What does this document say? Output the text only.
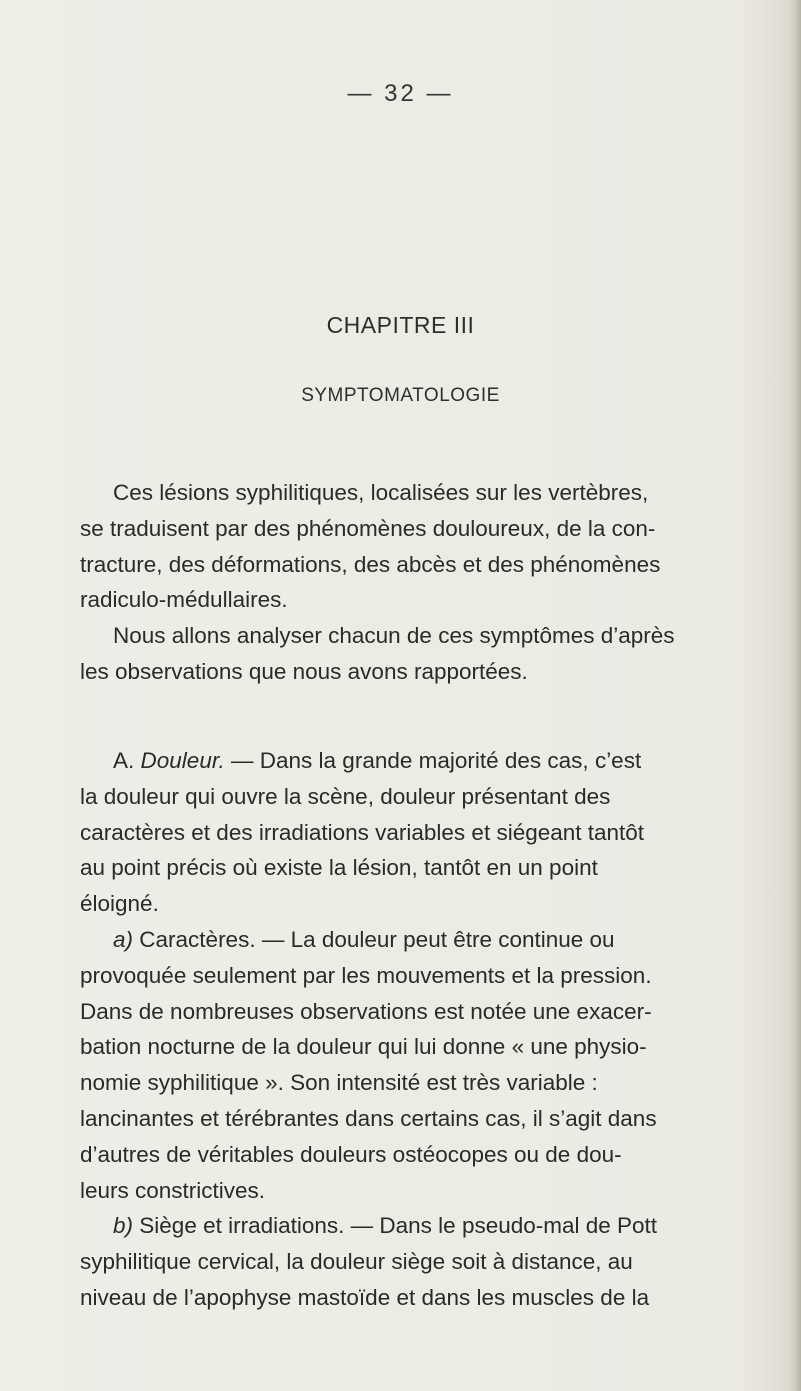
— 32 —
CHAPITRE III
SYMPTOMATOLOGIE
Ces lésions syphilitiques, localisées sur les vertèbres,
se traduisent par des phénomènes douloureux, de la con-
tracture, des déformations, des abcès et des phénomènes
radiculo-médullaires.
Nous allons analyser chacun de ces symptômes d’après
les observations que nous avons rapportées.
A. Douleur. — Dans la grande majorité des cas, c’est
la douleur qui ouvre la scène, douleur présentant des
caractères et des irradiations variables et siégeant tantôt
au point précis où existe la lésion, tantôt en un point
éloigné.
a) Caractères. — La douleur peut être continue ou
provoquée seulement par les mouvements et la pression.
Dans de nombreuses observations est notée une exacer-
bation nocturne de la douleur qui lui donne « une physio-
nomie syphilitique ». Son intensité est très variable :
lancinantes et térébrantes dans certains cas, il s’agit dans
d’autres de véritables douleurs ostéocopes ou de dou-
leurs constrictives.
b) Siège et irradiations. — Dans le pseudo-mal de Pott
syphilitique cervical, la douleur siège soit à distance, au
niveau de l’apophyse mastoïde et dans les muscles de la
